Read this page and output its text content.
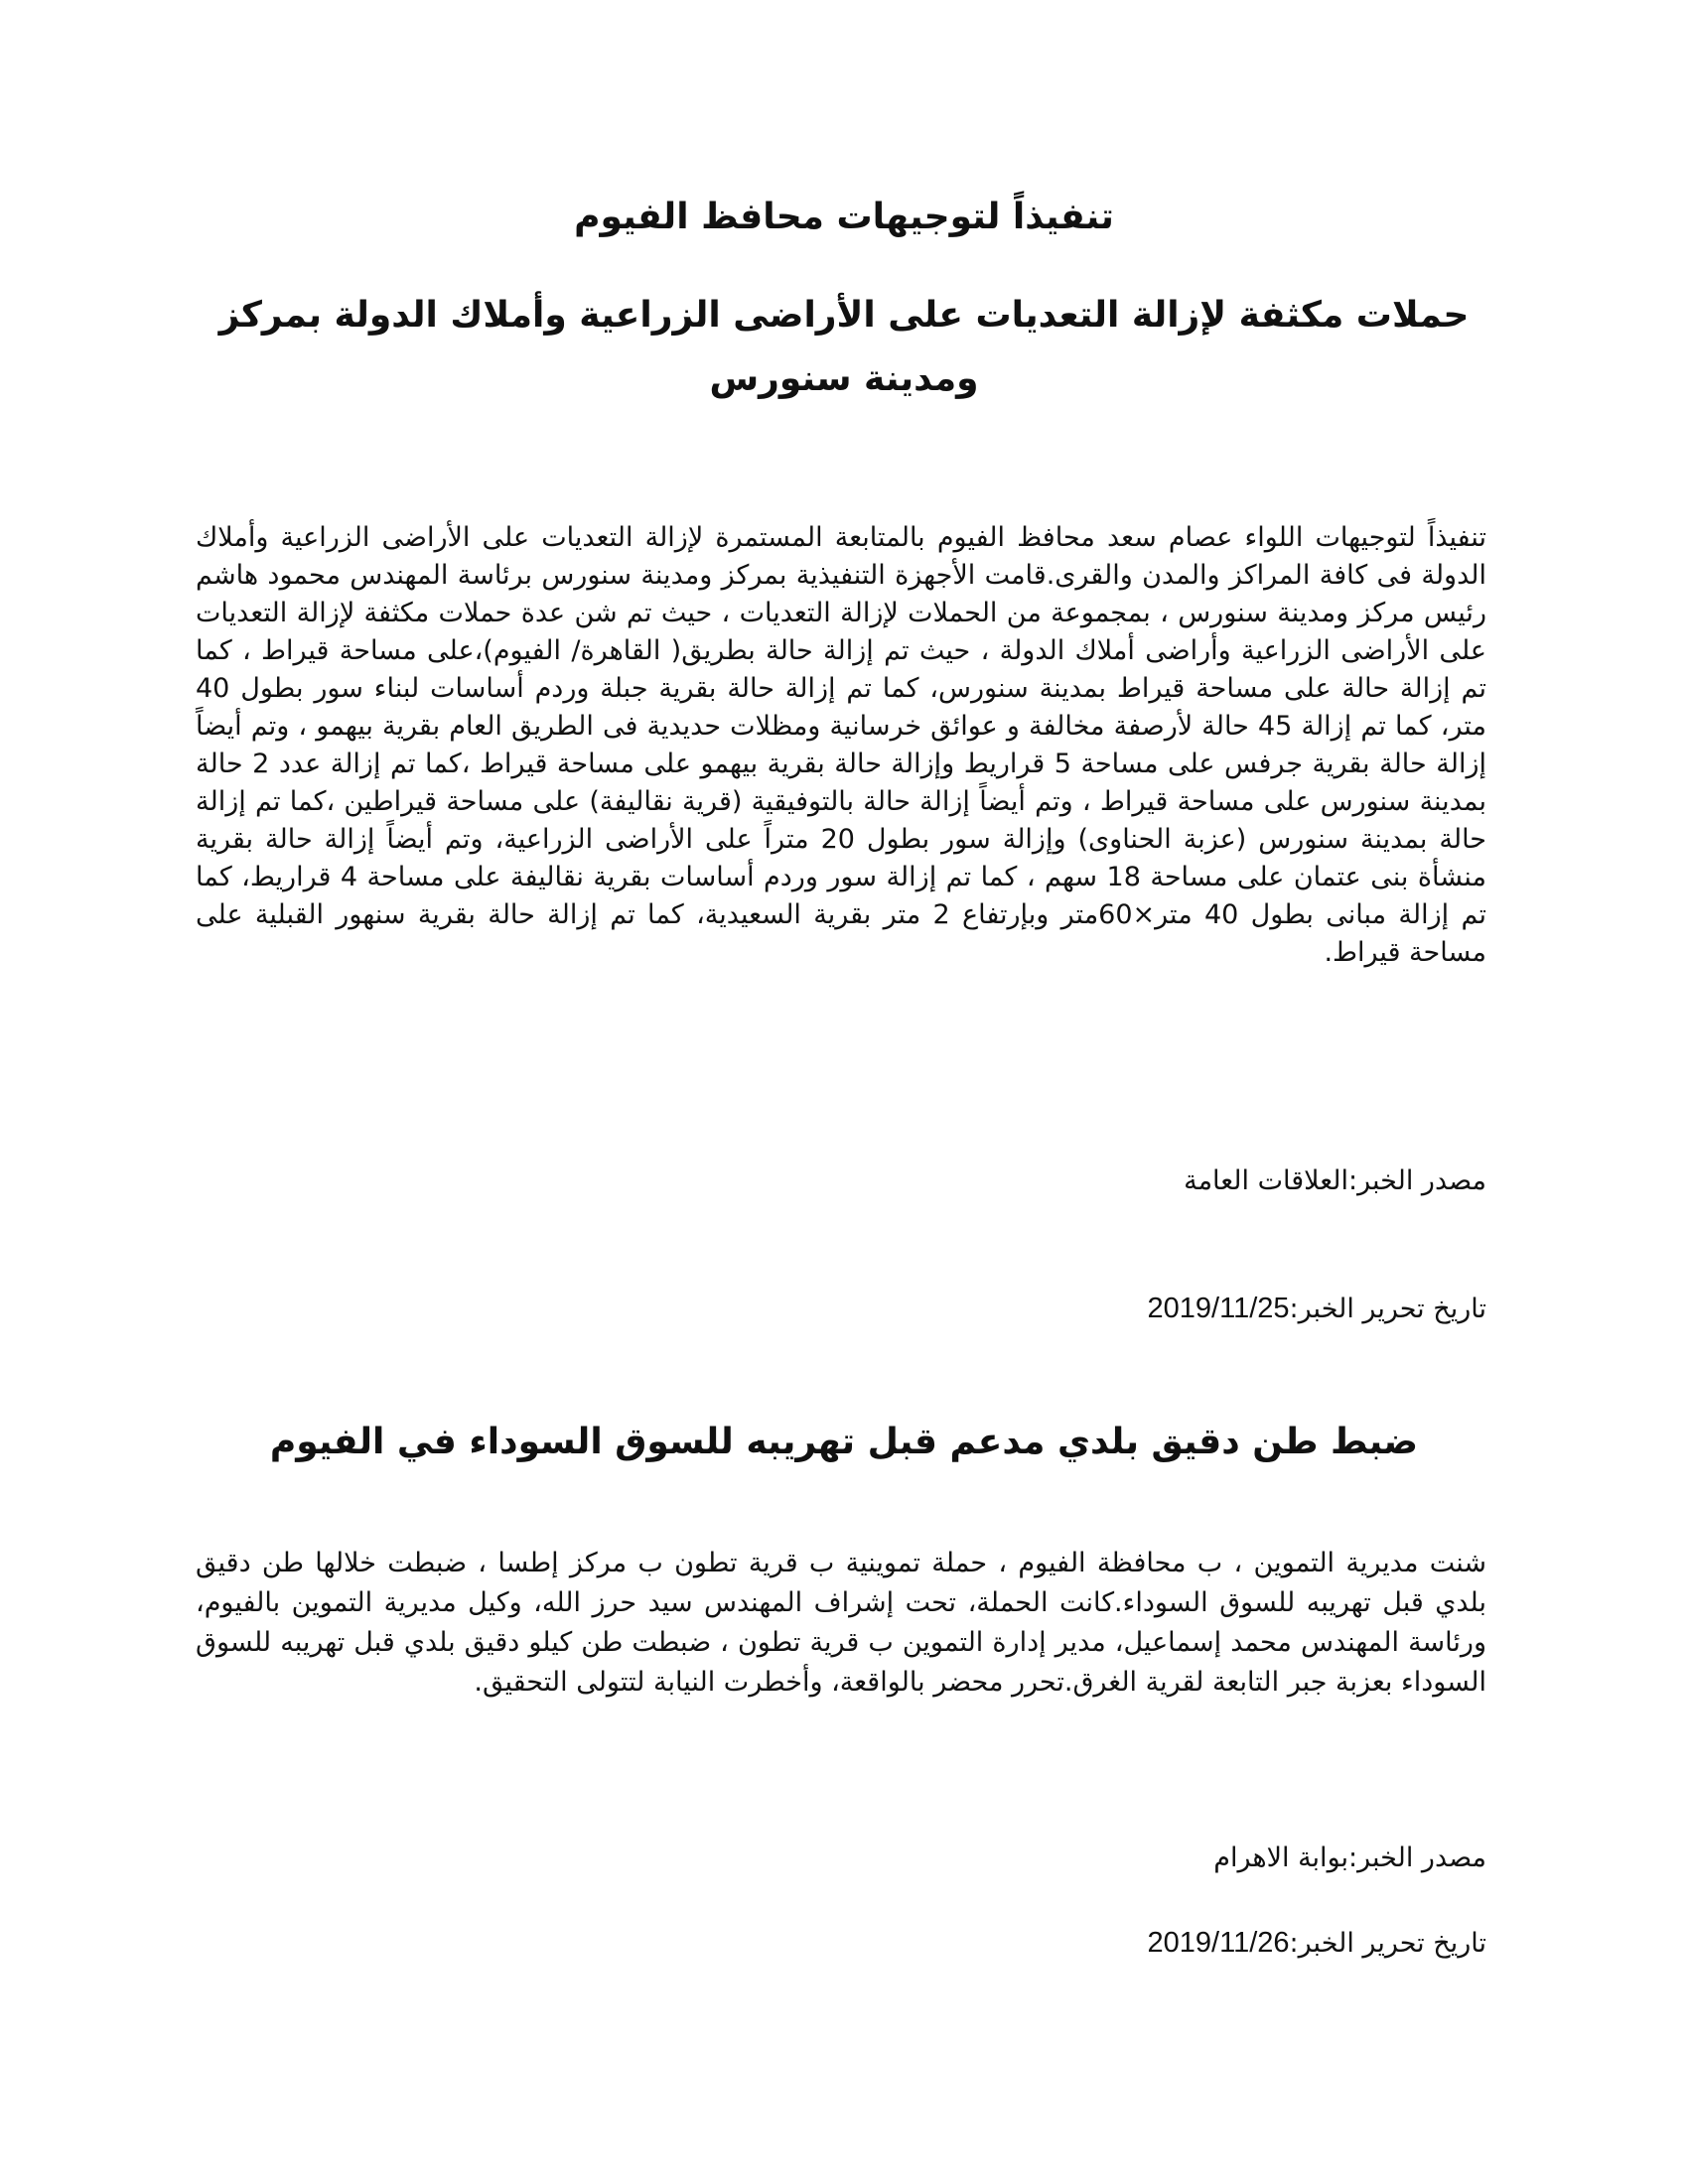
تنفيذاً لتوجيهات محافظ الفيوم
حملات مكثفة لإزالة التعديات على الأراضى الزراعية وأملاك الدولة بمركز ومدينة سنورس

تنفيذاً لتوجيهات اللواء عصام سعد محافظ الفيوم بالمتابعة المستمرة لإزالة التعديات على الأراضى الزراعية وأملاك الدولة فى كافة المراكز والمدن والقرى.قامت الأجهزة التنفيذية بمركز ومدينة سنورس برئاسة المهندس محمود هاشم رئيس مركز ومدينة سنورس ، بمجموعة من الحملات لإزالة التعديات ، حيث تم شن عدة حملات مكثفة لإزالة التعديات على الأراضى الزراعية وأراضى أملاك الدولة ، حيث تم إزالة حالة بطريق( القاهرة/ الفيوم)،على مساحة قيراط ، كما تم إزالة حالة على مساحة قيراط بمدينة سنورس، كما تم إزالة حالة بقرية جبلة وردم أساسات لبناء سور بطول 40 متر، كما تم إزالة 45 حالة لأرصفة مخالفة و عوائق خرسانية ومظلات حديدية فى الطريق العام بقرية بيهمو ، وتم أيضاً إزالة حالة بقرية جرفس على مساحة 5 قراريط وإزالة حالة بقرية بيهمو على مساحة قيراط ،كما تم إزالة عدد 2 حالة بمدينة سنورس على مساحة قيراط ، وتم أيضاً إزالة حالة بالتوفيقية (قرية نقاليفة) على مساحة قيراطين ،كما تم إزالة حالة بمدينة سنورس (عزبة الحناوى) وإزالة سور بطول 20 متراً على الأراضى الزراعية، وتم أيضاً إزالة حالة بقرية منشأة بنى عتمان على مساحة 18 سهم ، كما تم إزالة سور وردم أساسات بقرية نقاليفة على مساحة 4 قراريط، كما تم إزالة مبانى بطول 40 متر×60متر وبإرتفاع 2 متر بقرية السعيدية، كما تم إزالة حالة بقرية سنهور القبلية على مساحة قيراط.

مصدر الخبر:العلاقات العامة

تاريخ تحرير الخبر:2019/11/25

ضبط طن دقيق بلدي مدعم قبل تهريبه للسوق السوداء في الفيوم

شنت مديرية التموين ، ب محافظة الفيوم ، حملة تموينية ب قرية تطون ب مركز إطسا ، ضبطت خلالها طن دقيق بلدي قبل تهريبه للسوق السوداء.كانت الحملة، تحت إشراف المهندس سيد حرز الله، وكيل مديرية التموين بالفيوم، ورئاسة المهندس محمد إسماعيل، مدير إدارة التموين ب قرية تطون ، ضبطت طن كيلو دقيق بلدي قبل تهريبه للسوق السوداء بعزبة جبر التابعة لقرية الغرق.تحرر محضر بالواقعة، وأخطرت النيابة لتتولى التحقيق.

مصدر الخبر:بوابة الاهرام

تاريخ تحرير الخبر:2019/11/26
